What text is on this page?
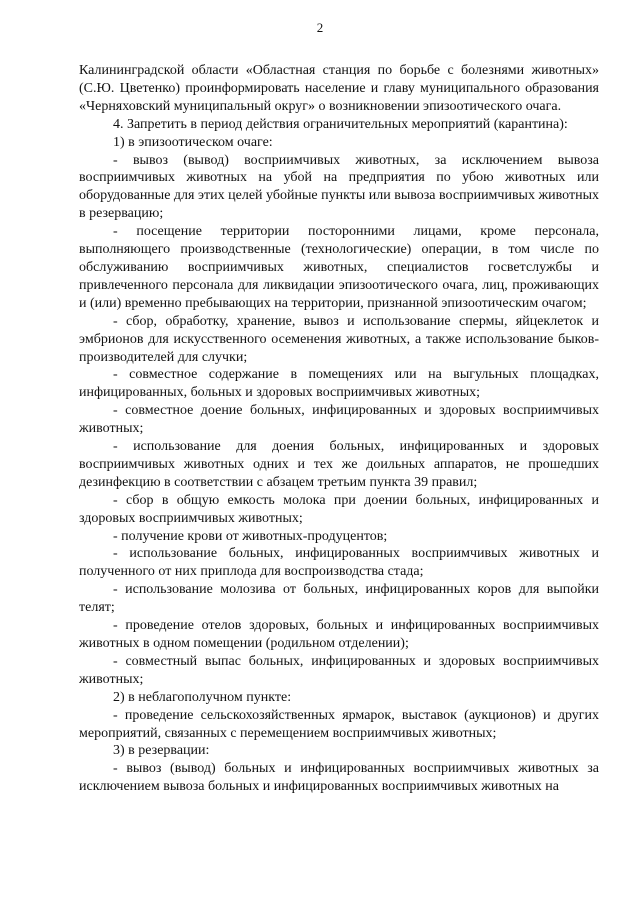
2

Калининградской области «Областная станция по борьбе с болезнями животных» (С.Ю. Цветенко) проинформировать население и главу муниципального образования «Черняховский муниципальный округ» о возникновении эпизоотического очага.

4. Запретить в период действия ограничительных мероприятий (карантина):

1) в эпизоотическом очаге:

- вывоз (вывод) восприимчивых животных, за исключением вывоза восприимчивых животных на убой на предприятия по убою животных или оборудованные для этих целей убойные пункты или вывоза восприимчивых животных в резервацию;

- посещение территории посторонними лицами, кроме персонала, выполняющего производственные (технологические) операции, в том числе по обслуживанию восприимчивых животных, специалистов госветслужбы и привлеченного персонала для ликвидации эпизоотического очага, лиц, проживающих и (или) временно пребывающих на территории, признанной эпизоотическим очагом;

- сбор, обработку, хранение, вывоз и использование спермы, яйцеклеток и эмбрионов для искусственного осеменения животных, а также использование быков-производителей для случки;

- совместное содержание в помещениях или на выгульных площадках, инфицированных, больных и здоровых восприимчивых животных;

- совместное доение больных, инфицированных и здоровых восприимчивых животных;

- использование для доения больных, инфицированных и здоровых восприимчивых животных одних и тех же доильных аппаратов, не прошедших дезинфекцию в соответствии с абзацем третьим пункта 39 правил;

- сбор в общую емкость молока при доении больных, инфицированных и здоровых восприимчивых животных;

- получение крови от животных-продуцентов;

- использование больных, инфицированных восприимчивых животных и полученного от них приплода для воспроизводства стада;

- использование молозива от больных, инфицированных коров для выпойки телят;

- проведение отелов здоровых, больных и инфицированных восприимчивых животных в одном помещении (родильном отделении);

- совместный выпас больных, инфицированных и здоровых восприимчивых животных;

2) в неблагополучном пункте:

- проведение сельскохозяйственных ярмарок, выставок (аукционов) и других мероприятий, связанных с перемещением восприимчивых животных;

3) в резервации:

- вывоз (вывод) больных и инфицированных восприимчивых животных за исключением вывоза больных и инфицированных восприимчивых животных на
